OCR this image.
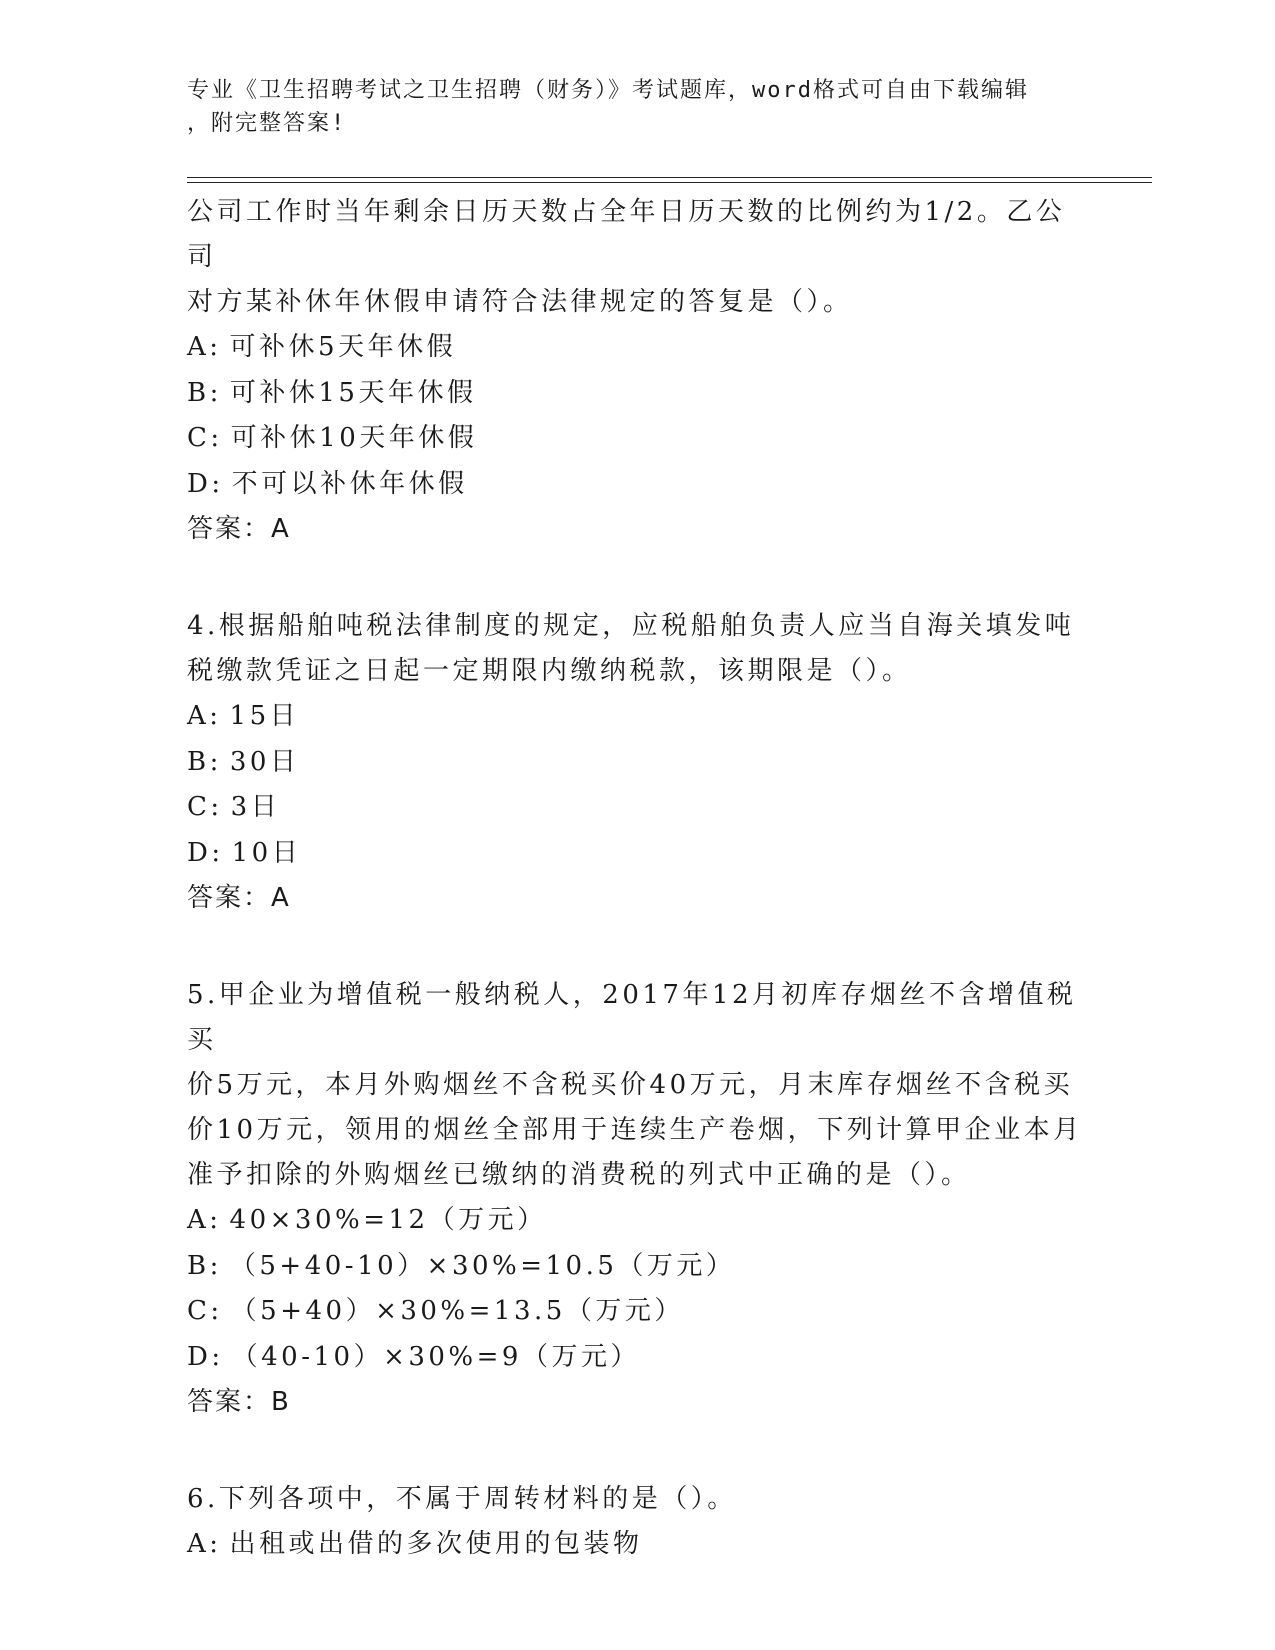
专业《卫生招聘考试之卫生招聘（财务）》考试题库，word格式可自由下载编辑
，附完整答案!
公司工作时当年剩余日历天数占全年日历天数的比例约为1/2。乙公司
对方某补休年休假申请符合法律规定的答复是（）。
A: 可补休5天年休假
B: 可补休15天年休假
C: 可补休10天年休假
D: 不可以补休年休假
答案：A
4.根据船舶吨税法律制度的规定，应税船舶负责人应当自海关填发吨
税缴款凭证之日起一定期限内缴纳税款，该期限是（）。
A: 15日
B: 30日
C: 3日
D: 10日
答案：A
5.甲企业为增值税一般纳税人，2017年12月初库存烟丝不含增值税买
价5万元，本月外购烟丝不含税买价40万元，月末库存烟丝不含税买
价10万元，领用的烟丝全部用于连续生产卷烟，下列计算甲企业本月
准予扣除的外购烟丝已缴纳的消费税的列式中正确的是（）。
A: 40×30%=12（万元）
B: （5+40-10）×30%=10.5（万元）
C: （5+40）×30%=13.5（万元）
D: （40-10）×30%=9（万元）
答案：B
6.下列各项中，不属于周转材料的是（）。
A: 出租或出借的多次使用的包装物
